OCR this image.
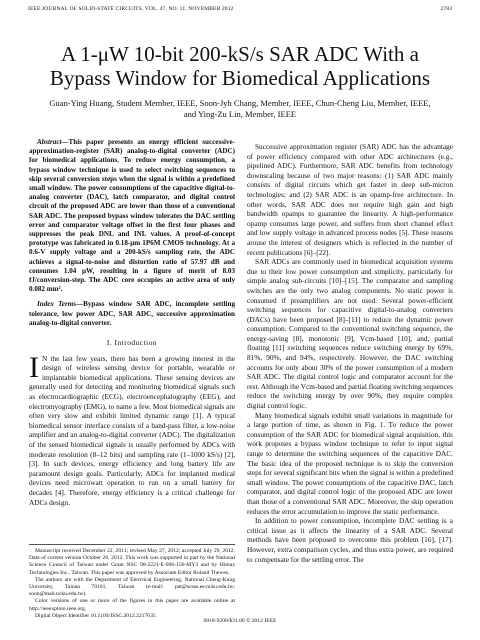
IEEE JOURNAL OF SOLID-STATE CIRCUITS, VOL. 47, NO. 11, NOVEMBER 2012	2783
A 1-μW 10-bit 200-kS/s SAR ADC With a Bypass Window for Biomedical Applications
Guan-Ying Huang, Student Member, IEEE, Soon-Jyh Chang, Member, IEEE, Chun-Cheng Liu, Member, IEEE,
and Ying-Zu Lin, Member, IEEE

Abstract—This paper presents an energy efficient successive-approximation-register (SAR) analog-to-digital converter (ADC) for biomedical applications. To reduce energy consumption, a bypass window technique is used to select switching sequences to skip several conversion steps when the signal is within a predefined small window. The power consumptions of the capacitive digital-to-analog converter (DAC), latch comparator, and digital control circuit of the proposed ADC are lower than those of a conventional SAR ADC. The proposed bypass window tolerates the DAC settling error and comparator voltage offset in the first four phases and suppresses the peak DNL and INL values. A proof-of-concept prototype was fabricated in 0.18-μm 1P6M CMOS technology. At a 0.6-V supply voltage and a 200-kS/s sampling rate, the ADC achieves a signal-to-noise and distortion ratio of 57.97 dB and consumes 1.04 μW, resulting in a figure of merit of 8.03 fJ/conversion-step. The ADC core occupies an active area of only 0.082 mm².

Index Terms—Bypass window SAR ADC, incomplete settling tolerance, low power ADC, SAR ADC, successive approximation analog-to-digital converter.

I. Introduction

I N the last few years, there has been a growing interest in the design of wireless sensing device for portable, wearable or implantable biomedical applications. These sensing devices are generally used for detecting and monitoring biomedical signals such as electrocardiographic (ECG), electroencephalography (EEG), and electromyography (EMG), to name a few. Most biomedical signals are often very slow and exhibit limited dynamic range [1]. A typical biomedical sensor interface consists of a band-pass filter, a low-noise amplifier and an analog-to-digital converter (ADC). The digitalization of the sensed biomedical signals is usually performed by ADCs with moderate resolution (8–12 bits) and sampling rate (1–1000 kS/s) [2], [3]. In such devices, energy efficiency and long battery life are paramount design goals. Particularly, ADCs for implanted medical devices need microwatt operation to run on a small battery for decades [4]. Therefore, energy efficiency is a critical challenge for ADCs design.

Manuscript received December 22, 2011; revised May 27, 2012; accepted July 29, 2012. Date of current version October 26, 2012. This work was supported in part by the National Science Council of Taiwan under Grant NSC 98-2221-E-006-156-MY3 and by Himax Technologies Inc., Taiwan. This paper was approved by Associate Editor Roland Thewes.

The authors are with the Department of Electrical Engineering, National Cheng-Kung University, Tainan 70101, Taiwan (e-mail: pat@scsas.ee.ncku.edu.tw; soon@mail.ncku.edu.tw).

Color versions of one or more of the figures in this paper are available online at http://ieeexplore.ieee.org.

Digital Object Identifier 10.1109/JSSC.2012.2217635

Successive approximation register (SAR) ADC has the advantage of power efficiency compared with other ADC architectures (e.g., pipelined ADC). Furthermore, SAR ADC benefits from technology downscaling because of two major reasons: (1) SAR ADC mainly consists of digital circuits which get faster in deep sub-micron technologies; and (2) SAR ADC is an opamp-free architecture. In other words, SAR ADC does not require high gain and high bandwidth opamps to guarantee the linearity. A high-performance opamp consumes large power, and suffers from short channel effect and low supply voltage in advanced process nodes [5]. These reasons arouse the interest of designers which is reflected in the number of recent publications [6]–[22].

SAR ADCs are commonly used in biomedical acquisition systems due to their low power consumption and simplicity, particularly for simple analog sub-circuits [10]–[15]. The comparator and sampling switches are the only two analog components. No static power is consumed if preamplifiers are not used. Several power-efficient switching sequences for capacitive digital-to-analog converters (DACs) have been proposed [8]–[11] to reduce the dynamic power consumption. Compared to the conventional switching sequence, the energy-saving [8], monotonic [9], Vcm-based [10], and, partial floating [11] switching sequences reduce switching energy by 69%, 81%, 90%, and 94%, respectively. However, the DAC switching accounts for only about 30% of the power consumption of a modern SAR ADC. The digital control logic and comparator account for the rest. Although the Vcm-based and partial floating switching sequences reduce the switching energy by over 90%, they require complex digital control logic.

Many biomedical signals exhibit small variations in magnitude for a large portion of time, as shown in Fig. 1. To reduce the power consumption of the SAR ADC for biomedical signal acquisition, this work proposes a bypass window technique to refer to input signal range to determine the switching sequences of the capacitive DAC. The basic idea of the proposed technique is to skip the conversion steps for several significant bits when the signal is within a predefined small window. The power consumptions of the capacitive DAC, latch comparator, and digital control logic of the proposed ADC are lower than those of a conventional SAR ADC. Moreover, the skip operation reduces the error accumulation to improve the static performance.

In addition to power consumption, incomplete DAC settling is a critical issue as it affects the linearity of a SAR ADC. Several methods have been proposed to overcome this problem [16], [17]. However, extra comparison cycles, and thus extra power, are required to compensate for the settling error. The

0018-9200/$31.00 © 2012 IEEE
